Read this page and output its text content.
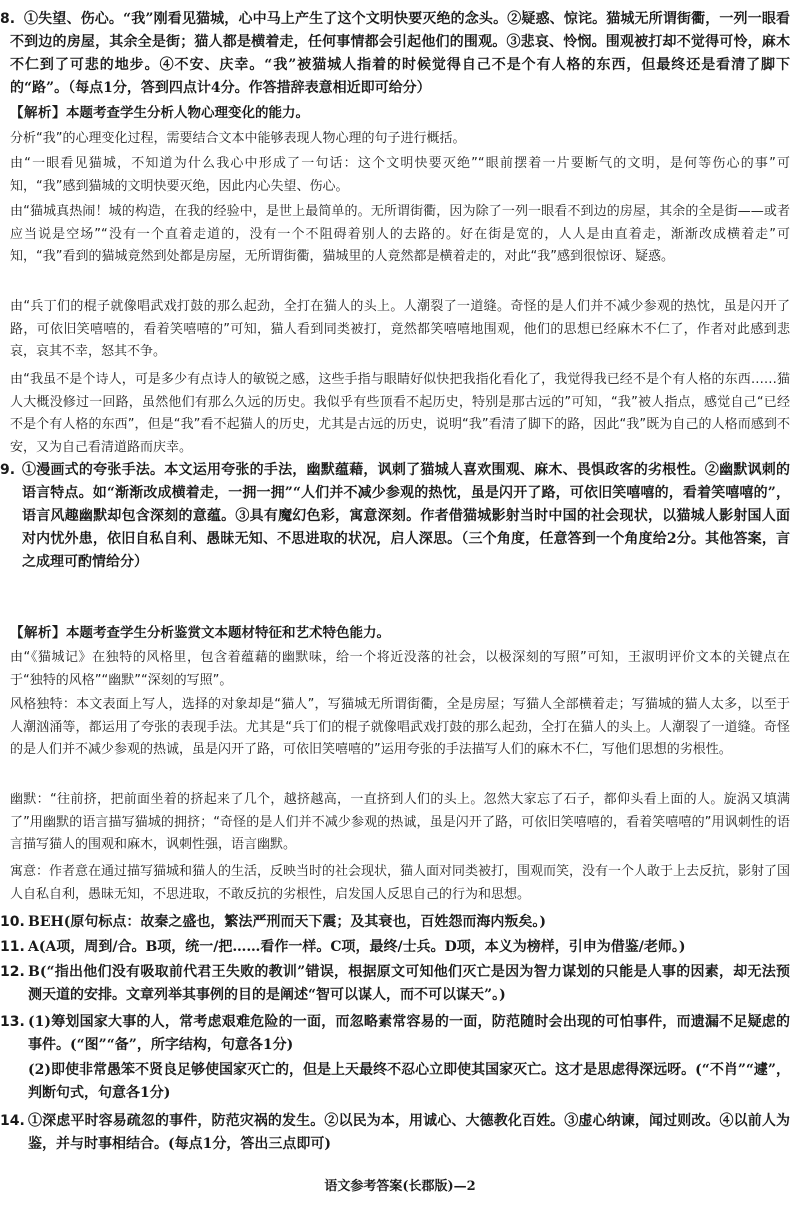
8. ①失望、伤心。“我”刚看见猫城，心中马上产生了这个文明快要灭绝的念头。②疑惑、惊诧。猫城无所谓街衢，一列一眼看不到边的房屋，其余全是街；猫人都是横着走，任何事情都会引起他们的围观。③悲哀、怜悯。围观被打却不觉得可怜，麻木不仁到了可悲的地步。④不安、庆幸。“我”被猫城人指着的时候觉得自己不是个有人格的东西，但最终还是看清了脚下的“路”。（每点1分，答到四点计4分。作答措辞表意相近即可给分）
【解析】本题考查学生分析人物心理变化的能力。
分析“我”的心理变化过程，需要结合文本中能够表现人物心理的句子进行概括。
由“一眼看见猫城，不知道为什么我心中形成了一句话：这个文明快要灭绝”“眼前摆着一片要断气的文明，是何等伤心的事”可知，“我”感到猫城的文明快要灭绝，因此内心失望、伤心。
由“猫城真热闹！城的构造，在我的经验中，是世上最简单的。无所谓街衢，因为除了一列一眼看不到边的房屋，其余的全是街——或者应当说是空场”“没有一个直着走道的，没有一个不阻碍着别人的去路的。好在街是宽的，人人是由直着走，渐渐改成横着走”可知，“我”看到的猫城竟然到处都是房屋，无所谓街衢，猫城里的人竟然都是横着走的，对此“我”感到很惊讶、疑惑。
由“兵丁们的棍子就像唱武戏打鼓的那么起劲，全打在猫人的头上。人潮裂了一道缝。奇怪的是人们并不减少参观的热忱，虽是闪开了路，可依旧笑嘻嘻的，看着笑嘻嘻的”可知，猫人看到同类被打，竟然都笑嘻嘻地围观，他们的思想已经麻木不仁了，作者对此感到悲哀，哀其不幸，怒其不争。
由“我虽不是个诗人，可是多少有点诗人的敏锐之感，这些手指与眼睛好似快把我指化看化了，我觉得我已经不是个有人格的东西……猫人大概没修过一回路，虽然他们有那么久远的历史。我似乎有些顶看不起历史，特别是那古远的”可知，“我”被人指点，感觉自己“已经不是个有人格的东西”，但是“我”看不起猫人的历史，尤其是古远的历史，说明“我”看清了脚下的路，因此“我”既为自己的人格而感到不安，又为自己看清道路而庆幸。
9. ①漫画式的夸张手法。本文运用夸张的手法，幽默蕴藉，讽刺了猫城人喜欢围观、麻木、畏惧政客的劣根性。②幽默讽刺的语言特点。如“渐渐改成横着走，一拥一拥”“人们并不减少参观的热忱，虽是闪开了路，可依旧笑嘻嘻的，看着笑嘻嘻的”，语言风趣幽默却包含深刻的意蕴。③具有魔幻色彩，寓意深刻。作者借猫城影射当时中国的社会现状，以猫城人影射国人面对内忧外患，依旧自私自利、愚昧无知、不思进取的状况，启人深思。（三个角度，任意答到一个角度给2分。其他答案，言之成理可酌情给分）
【解析】本题考查学生分析鉴赏文本题材特征和艺术特色能力。
由“《猫城记》在独特的风格里，包含着蕴藉的幽默味，给一个将近没落的社会，以极深刻的写照”可知，王淑明评价文本的关键点在于“独特的风格”“幽默”“深刻的写照”。
风格独特：本文表面上写人，选择的对象却是“猫人”，写猫城无所谓街衢，全是房屋；写猫人全部横着走；写猫城的猫人太多，以至于人潮汹涌等，都运用了夸张的表现手法。尤其是“兵丁们的棍子就像唱武戏打鼓的那么起劲，全打在猫人的头上。人潮裂了一道缝。奇怪的是人们并不减少参观的热诚，虽是闪开了路，可依旧笑嘻嘻的”运用夸张的手法描写人们的麻木不仁，写他们思想的劣根性。
幽默：“往前挤，把前面坐着的挤起来了几个，越挤越高，一直挤到人们的头上。忽然大家忘了石子，都仰头看上面的人。旋涡又填满了”用幽默的语言描写猫城的拥挤；“奇怪的是人们并不减少参观的热诚，虽是闪开了路，可依旧笑嘻嘻的，看着笑嘻嘻的”用讽刺性的语言描写猫人的围观和麻木，讽刺性强，语言幽默。
寓意：作者意在通过描写猫城和猫人的生活，反映当时的社会现状，猫人面对同类被打，围观而笑，没有一个人敢于上去反抗，影射了国人自私自利，愚昧无知，不思进取，不敢反抗的劣根性，启发国人反思自己的行为和思想。
10. BEH(原句标点：故秦之盛也，繁法严刑而天下震；及其衰也，百姓怨而海内叛矣。)
11. A(A项，周到/合。B项，统一/把……看作一样。C项，最终/士兵。D项，本义为榜样，引申为借鉴/老师。)
12. B(“指出他们没有吸取前代君王失败的教训”错误，根据原文可知他们灭亡是因为智力谋划的只能是人事的因素，却无法预测天道的安排。文章列举其事例的目的是阐述“智可以谋人，而不可以谋天”。)
13. (1)筹划国家大事的人，常考虑艰难危险的一面，而忽略素常容易的一面，防范随时会出现的可怕事件，而遗漏不足疑虑的事件。(“图”“备”，所字结构，句意各1分)
(2)即使非常愚笨不贤良足够使国家灭亡的，但是上天最终不忍心立即使其国家灭亡。这才是思虑得深远呀。(“不肖”“遽”，判断句式，句意各1分)
14. ①深虑平时容易疏忽的事件，防范灾祸的发生。②以民为本，用诚心、大德教化百姓。③虚心纳谏，闻过则改。④以前人为鉴，并与时事相结合。(每点1分，答出三点即可)
语文参考答案(长郡版)—2
